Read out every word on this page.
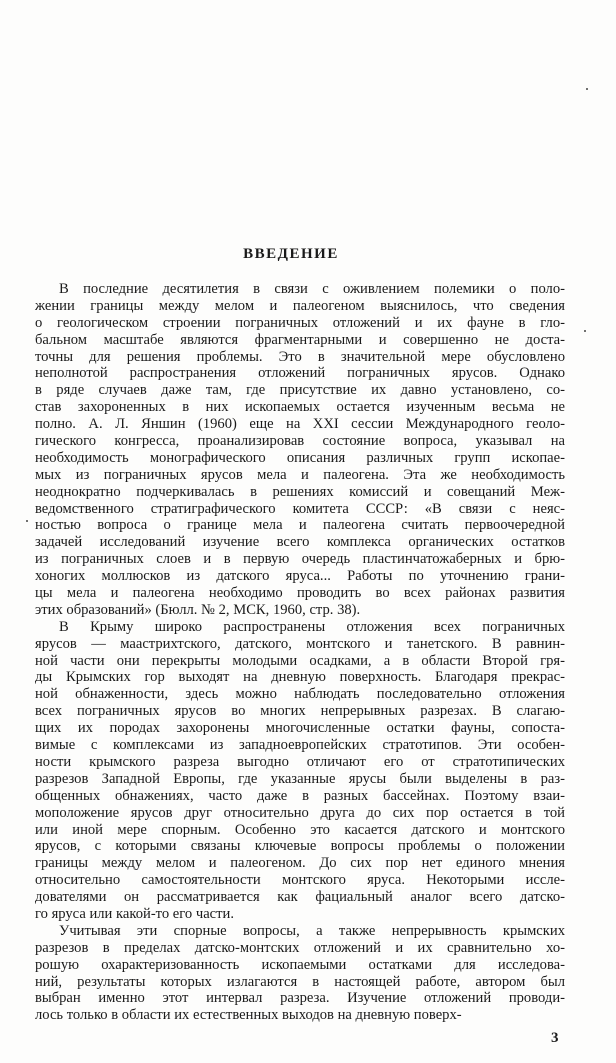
ВВЕДЕНИЕ
В последние десятилетия в связи с оживлением полемики о поло-
жении границы между мелом и палеогеном выяснилось, что сведения
о геологическом строении пограничных отложений и их фауне в гло-
бальном масштабе являются фрагментарными и совершенно не доста-
точны для решения проблемы. Это в значительной мере обусловлено
неполнотой распространения отложений пограничных ярусов. Однако
в ряде случаев даже там, где присутствие их давно установлено, со-
став захороненных в них ископаемых остается изученным весьма не
полно. А. Л. Яншин (1960) еще на XXI сессии Международного геоло-
гического конгресса, проанализировав состояние вопроса, указывал на
необходимость монографического описания различных групп ископае-
мых из пограничных ярусов мела и палеогена. Эта же необходимость
неоднократно подчеркивалась в решениях комиссий и совещаний Меж-
ведомственного стратиграфического комитета СССР: «В связи с неяс-
ностью вопроса о границе мела и палеогена считать первоочередной
задачей исследований изучение всего комплекса органических остатков
из пограничных слоев и в первую очередь пластинчатожаберных и брю-
хоногих моллюсков из датского яруса... Работы по уточнению грани-
цы мела и палеогена необходимо проводить во всех районах развития
этих образований» (Бюлл. № 2, МСК, 1960, стр. 38).
В Крыму широко распространены отложения всех пограничных
ярусов — маастрихтского, датского, монтского и танетского. В равнин-
ной части они перекрыты молодыми осадками, а в области Второй гря-
ды Крымских гор выходят на дневную поверхность. Благодаря прекрас-
ной обнаженности, здесь можно наблюдать последовательно отложения
всех пограничных ярусов во многих непрерывных разрезах. В слагаю-
щих их породах захоронены многочисленные остатки фауны, сопоста-
вимые с комплексами из западноевропейских стратотипов. Эти особен-
ности крымского разреза выгодно отличают его от стратотипических
разрезов Западной Европы, где указанные ярусы были выделены в раз-
общенных обнажениях, часто даже в разных бассейнах. Поэтому взаи-
моположение ярусов друг относительно друга до сих пор остается в той
или иной мере спорным. Особенно это касается датского и монтского
ярусов, с которыми связаны ключевые вопросы проблемы о положении
границы между мелом и палеогеном. До сих пор нет единого мнения
относительно самостоятельности монтского яруса. Некоторыми иссле-
дователями он рассматривается как фациальный аналог всего датско-
го яруса или какой-то его части.
Учитывая эти спорные вопросы, а также непрерывность крымских
разрезов в пределах датско-монтских отложений и их сравнительно хо-
рошую охарактеризованность ископаемыми остатками для исследова-
ний, результаты которых излагаются в настоящей работе, автором был
выбран именно этот интервал разреза. Изучение отложений проводи-
лось только в области их естественных выходов на дневную поверх-
3
